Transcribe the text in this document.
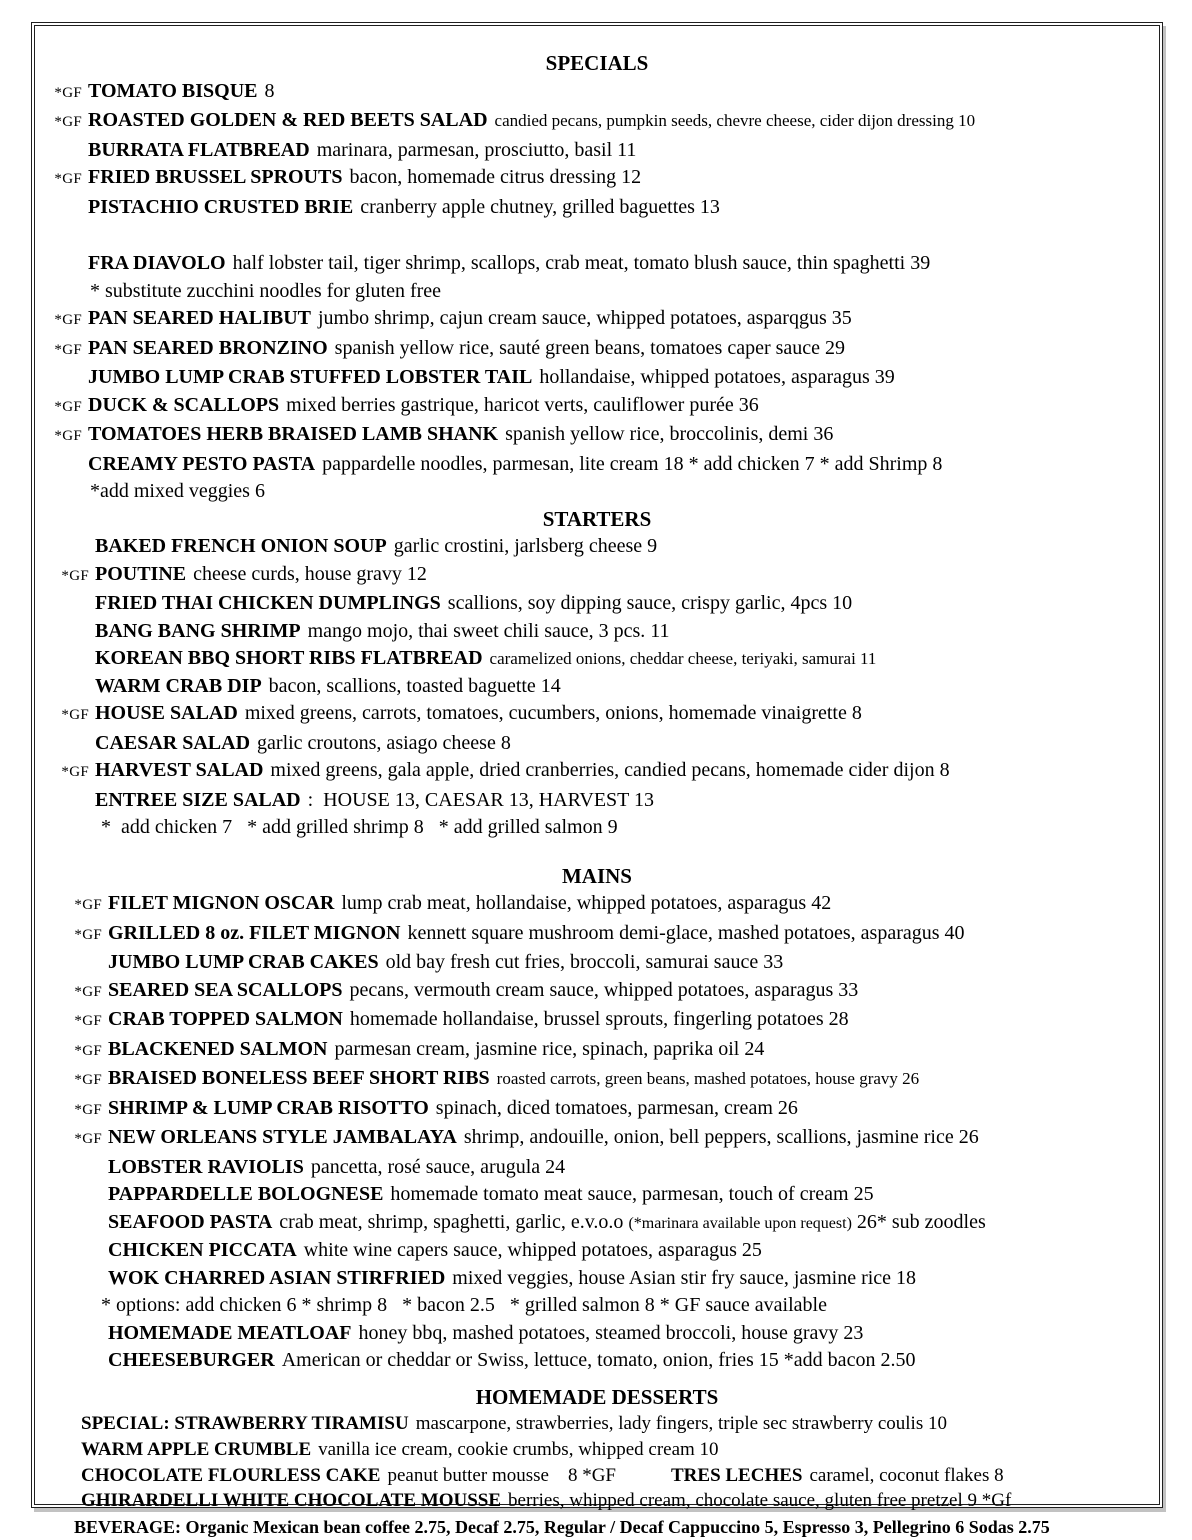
SPECIALS
*GF TOMATO BISQUE 8
*GF ROASTED GOLDEN & RED BEETS SALAD candied pecans, pumpkin seeds, chevre cheese, cider dijon dressing 10
BURRATA FLATBREAD marinara, parmesan, prosciutto, basil 11
*GF FRIED BRUSSEL SPROUTS bacon, homemade citrus dressing 12
PISTACHIO CRUSTED BRIE cranberry apple chutney, grilled baguettes 13
FRA DIAVOLO half lobster tail, tiger shrimp, scallops, crab meat, tomato blush sauce, thin spaghetti 39
* substitute zucchini noodles for gluten free
*GF PAN SEARED HALIBUT jumbo shrimp, cajun cream sauce, whipped potatoes, asparqgus 35
*GF PAN SEARED BRONZINO spanish yellow rice, sauté green beans, tomatoes caper sauce 29
JUMBO LUMP CRAB STUFFED LOBSTER TAIL hollandaise, whipped potatoes, asparagus 39
*GF DUCK & SCALLOPS mixed berries gastrique, haricot verts, cauliflower purée 36
*GF TOMATOES HERB BRAISED LAMB SHANK spanish yellow rice, broccolinis, demi 36
CREAMY PESTO PASTA pappardelle noodles, parmesan, lite cream 18 * add chicken 7 * add Shrimp 8
*add mixed veggies 6
STARTERS
BAKED FRENCH ONION SOUP garlic crostini, jarlsberg cheese 9
*GF POUTINE cheese curds, house gravy 12
FRIED THAI CHICKEN DUMPLINGS scallions, soy dipping sauce, crispy garlic, 4pcs 10
BANG BANG SHRIMP mango mojo, thai sweet chili sauce, 3 pcs. 11
KOREAN BBQ SHORT RIBS FLATBREAD caramelized onions, cheddar cheese, teriyaki, samurai 11
WARM CRAB DIP bacon, scallions, toasted baguette 14
*GF HOUSE SALAD mixed greens, carrots, tomatoes, cucumbers, onions, homemade vinaigrette 8
CAESAR SALAD garlic croutons, asiago cheese 8
*GF HARVEST SALAD mixed greens, gala apple, dried cranberries, candied pecans, homemade cider dijon 8
ENTREE SIZE SALAD :  HOUSE 13, CAESAR 13, HARVEST 13
*  add chicken 7   * add grilled shrimp 8   * add grilled salmon 9
MAINS
*GF FILET MIGNON OSCAR lump crab meat, hollandaise, whipped potatoes, asparagus 42
*GF GRILLED 8 oz. FILET MIGNON kennett square mushroom demi-glace, mashed potatoes, asparagus 40
JUMBO LUMP CRAB CAKES old bay fresh cut fries, broccoli, samurai sauce 33
*GF SEARED SEA SCALLOPS pecans, vermouth cream sauce, whipped potatoes, asparagus 33
*GF CRAB TOPPED SALMON homemade hollandaise, brussel sprouts, fingerling potatoes 28
*GF BLACKENED SALMON parmesan cream, jasmine rice, spinach, paprika oil 24
*GF BRAISED BONELESS BEEF SHORT RIBS roasted carrots, green beans, mashed potatoes, house gravy 26
*GF SHRIMP & LUMP CRAB RISOTTO spinach, diced tomatoes, parmesan, cream 26
*GF NEW ORLEANS STYLE JAMBALAYA shrimp, andouille, onion, bell peppers, scallions, jasmine rice 26
LOBSTER RAVIOLIS pancetta, rosé sauce, arugula 24
PAPPARDELLE BOLOGNESE homemade tomato meat sauce, parmesan, touch of cream 25
SEAFOOD PASTA crab meat, shrimp, spaghetti, garlic, e.v.o.o (*marinara available upon request) 26* sub zoodles
CHICKEN PICCATA white wine capers sauce, whipped potatoes, asparagus 25
WOK CHARRED ASIAN STIRFRIED mixed veggies, house Asian stir fry sauce, jasmine rice 18
* options: add chicken 6 * shrimp 8   * bacon 2.5   * grilled salmon 8 * GF sauce available
HOMEMADE MEATLOAF honey bbq, mashed potatoes, steamed broccoli, house gravy 23
CHEESEBURGER American or cheddar or Swiss, lettuce, tomato, onion, fries 15 *add bacon 2.50
HOMEMADE DESSERTS
SPECIAL: STRAWBERRY TIRAMISU mascarpone, strawberries, lady fingers, triple sec strawberry coulis 10
WARM APPLE CRUMBLE vanilla ice cream, cookie crumbs, whipped cream 10
CHOCOLATE FLOURLESS CAKE peanut butter mousse    8 *GF	TRES LECHES caramel, coconut flakes 8
GHIRARDELLI WHITE CHOCOLATE MOUSSE berries, whipped cream, chocolate sauce, gluten free pretzel 9 *Gf
BEVERAGE: Organic Mexican bean coffee 2.75, Decaf 2.75, Regular / Decaf Cappuccino 5, Espresso 3, Pellegrino 6 Sodas 2.75
